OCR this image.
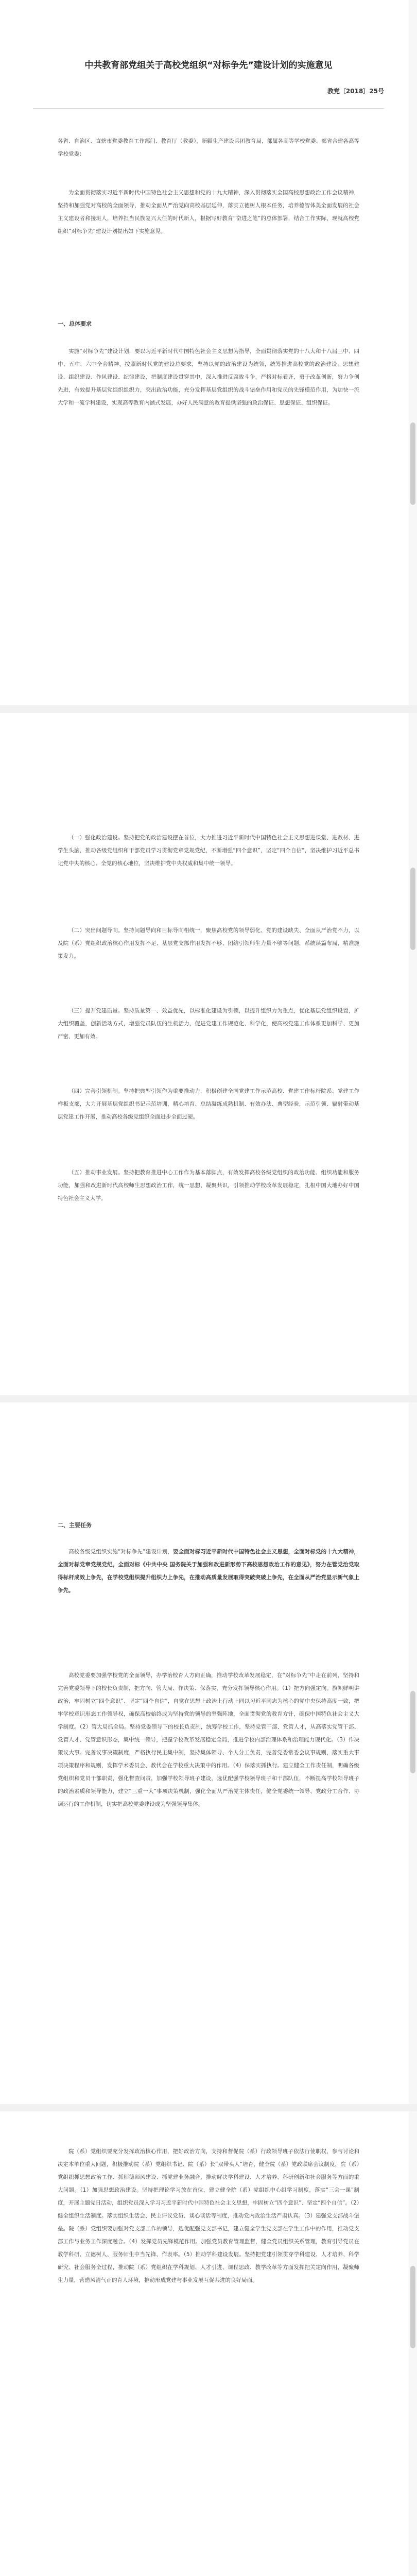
中共教育部党组关于高校党组织“对标争先”建设计划的实施意见
教党〔2018〕25号
各省、自治区、直辖市党委教育工作部门、教育厅（教委），新疆生产建设兵团教育局，部属各高等学校党委、部省合建各高等学校党委：
为全面贯彻落实习近平新时代中国特色社会主义思想和党的十九大精神，深入贯彻落实全国高校思想政治工作会议精神，坚持和加强党对高校的全面领导，推动全面从严治党向高校基层延伸，落实立德树人根本任务，培养德智体美全面发展的社会主义建设者和接班人，培养担当民族复兴大任的时代新人，根据写好教育“奋进之笔”的总体部署，结合工作实际，现就高校党组织“对标争先”建设计划提出如下实施意见。
一、总体要求
实施“对标争先”建设计划，要以习近平新时代中国特色社会主义思想为指导，全面贯彻落实党的十八大和十八届三中、四中、五中、六中全会精神，按照新时代党的建设总要求，坚持以党的政治建设为统领，统筹推进高校党的政治建设、思想建设、组织建设、作风建设、纪律建设，把制度建设贯穿其中，深入推进反腐败斗争，严格对标看齐，勇于改革创新，努力争创先进，有效提升基层党组织组织力，突出政治功能，充分发挥基层党组织的战斗堡垒作用和党员的先锋模范作用，为加快一流大学和一流学科建设，实现高等教育内涵式发展，办好人民满意的教育提供坚强的政治保证、思想保证、组织保证。
（一）强化政治建设。坚持把党的政治建设摆在首位，大力推进习近平新时代中国特色社会主义思想进课堂、进教材、进学生头脑，推动各级党组织和干部党员学习贯彻党章党规党纪，不断增强“四个意识”，坚定“四个自信”，坚决维护习近平总书记党中央的核心、全党的核心地位，坚决维护党中央权威和集中统一领导。
（二）突出问题导向。坚持问题导向和目标导向相统一，聚焦高校党的领导弱化、党的建设缺失、全面从严治党不力，以及院（系）党组织政治核心作用发挥不足、基层党支部作用发挥不够、团结引领师生力量不够等问题，系统谋篇布局，精准施策发力。
（三）提升党建质量。坚持质量第一、效益优先，以标准化建设为引领，以提升组织力为重点，优化基层党组织设置，扩大组织覆盖，创新活动方式，增强党员队伍的生机活力，促进党建工作规范化、科学化，使高校党建工作体系更加科学、更加严密、更加有效。
（四）完善引领机制。坚持把典型引领作为重要推动力，积极创建全国党建工作示范高校、党建工作标杆院系、党建工作样板支部，大力开展基层党组织书记示范培训，精心培育、总结凝练成熟机制、有效办法、典型经验，示范引领、辐射带动基层党建工作开展，推动高校各级党组织全面进步全面过硬。
（五）推动事业发展。坚持把教育推进中心工作作为基本落脚点，有效发挥高校各级党组织的政治功能、组织功能和服务功能，加强和改进新时代高校师生思想政治工作，统一思想、凝聚共识，引领推动学校改革发展稳定，扎根中国大地办好中国特色社会主义大学。
二、主要任务
高校各级党组织实施“对标争先”建设计划，要全面对标习近平新时代中国特色社会主义思想，全面对标党的十九大精神，全面对标党章党规党纪，全面对标《中共中央 国务院关于加强和改进新形势下高校思想政治工作的意见》，努力在管党治党取得标杆成效上争先，在学校党组织提升组织力上争先，在推动高质量发展取得突破突破上争先，在全面从严治党显示新气象上争先。
高校党委要加强学校党的全面领导，办学治校育人方向正确，推动学校改革发展稳定，在“对标争先”中走在前列，坚持和完善党委领导下的校长负责制，把方向、管大局、作决策、保落实，充分发挥领导核心作用。（1）把方向强定向。旗帜鲜明讲政治，牢固树立“四个意识”、坚定“四个自信”，自觉在思想上政治上行动上同以习近平同志为核心的党中央保持高度一致，把牢学校意识形态工作领导权，确保高校始终成为坚持党的领导的坚强阵地，全面贯彻党的教育方针，确保中国特色社会主义大学制度。（2）管大局抓全局。坚持党委领导下的校长负责制，统筹学校工作，坚持党管干部、党管人才，从高落实党管干部、党管人才、党管意识形态，集中统一领导，把握学校改革发展稳定全局，推进学校内部治理体系和治理能力现代化。（3）作决策议大事。完善议事决策制度，严格执行民主集中制，坚持集体领导、个人分工负责，完善党委常委会议事规则，落实重大事项决策程序和规则，发挥学术委员会、教代会在学校重大决策中的作用。（4）保落实抓执行。建立健全工作责任制，明确各级党组织和党员干部职责，强化督查问责，加强学校领导班子建设，选优配强学校领导班子和干部队伍，不断提高学校领导班子的政治素质和领导能力，建立“三重一大”事项决策机制，强化全面从严治党主体责任，健全党委统一领导、党政分工合作、协调运行的工作机制，切实把高校党委建设成为坚强领导集体。
院（系）党组织要充分发挥政治核心作用，把好政治方向，支持和督促院（系）行政领导班子依法行使职权，参与讨论和决定本单位重大问题，积极推动院（系）党组织书记、院（系）长“双带头人”培育，健全院（系）党政联席会议制度，院（系）党组织抓思想政治工作、抓师德师风建设、抓党建业务融合，推动解决学科建设、人才培养、科研创新和社会服务等方面的重大问题。（1）加强思想政治建设。坚持把理论学习放在首位，建立健全院（系）党组织中心组学习制度，落实“三会一课”制度，开展主题党日活动，组织党员深入学习习近平新时代中国特色社会主义思想，牢固树立“四个意识”、坚定“四个自信”。（2）健全组织生活制度。落实组织生活会、民主评议党员、谈心谈话等制度，推动党内政治生活严肃认真。（3）建强党支部战斗堡垒。院（系）党组织要加强对党支部工作的领导，选优配强党支部书记，建立健全学生党支部在学生工作中的作用，推动党支部工作与业务工作深度融合。（4）发挥党员先锋模范作用。加强党员教育管理监督，健全党员组织关系管理，教育引导党员在教学科研、立德树人、服务师生中当先锋、作表率。（5）推动学科建设发展。坚持把党建引领贯穿学科建设、人才培养、科学研究、社会服务全过程，推动院（系）党组织在学科规划、人才引进、课程思政、教学改革等方面发挥把关定向作用，凝聚师生力量，营造风清气正的育人环境，推动形成党建与事业发展互促共进的良好局面。
